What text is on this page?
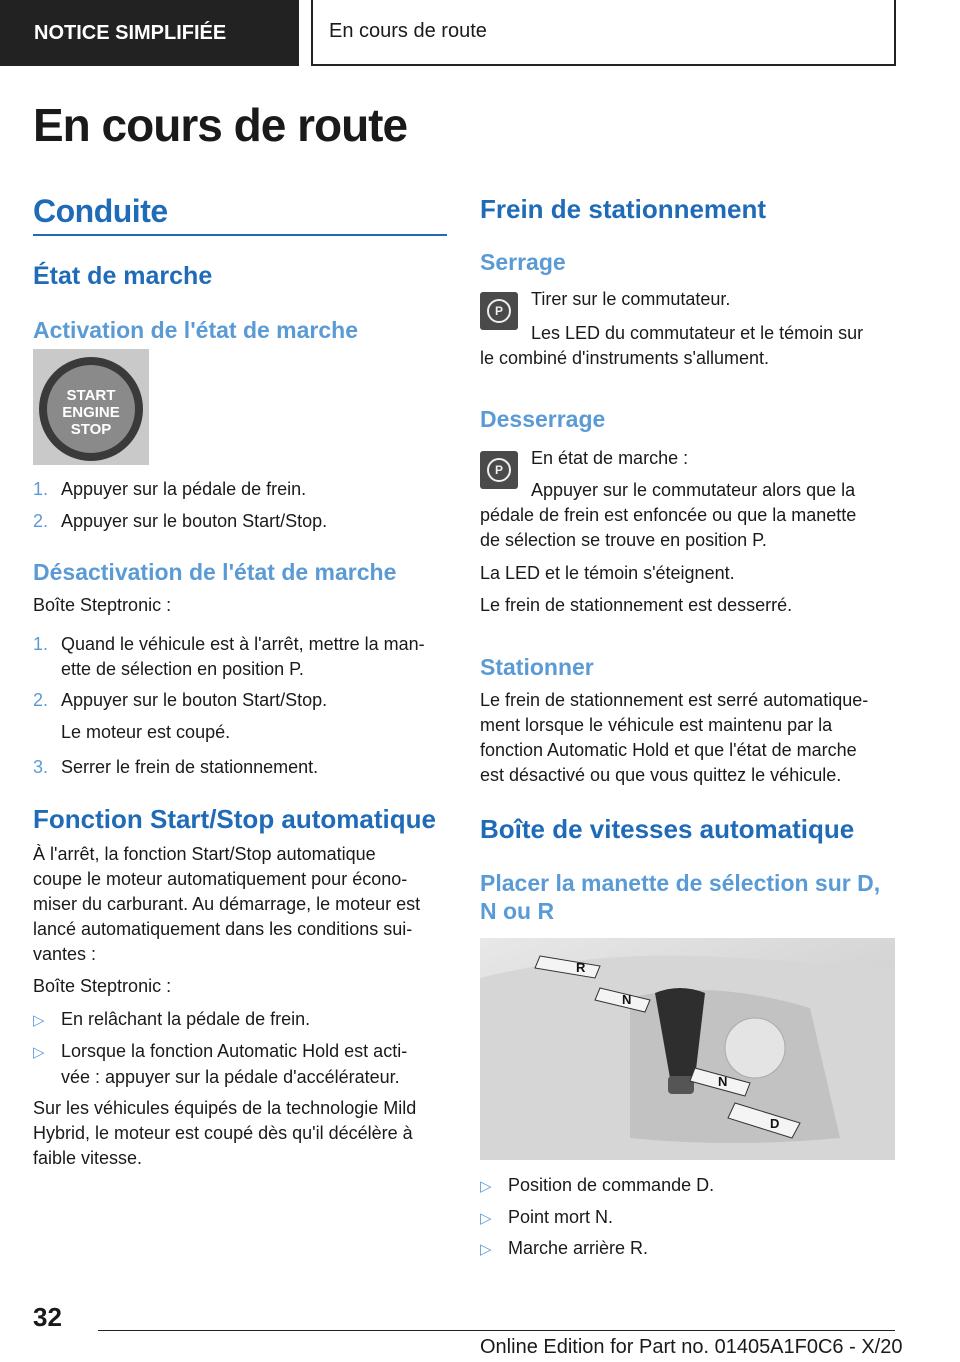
NOTICE SIMPLIFIÉE	En cours de route
En cours de route
Conduite
État de marche
Activation de l'état de marche
START
ENGINE
STOP
1. Appuyer sur la pédale de frein.
2. Appuyer sur le bouton Start/Stop.
Désactivation de l'état de marche
Boîte Steptronic :
1. Quand le véhicule est à l'arrêt, mettre la man-
ette de sélection en position P.
2. Appuyer sur le bouton Start/Stop.
Le moteur est coupé.
3. Serrer le frein de stationnement.
Fonction Start/Stop automatique
À l'arrêt, la fonction Start/Stop automatique
coupe le moteur automatiquement pour écono-
miser du carburant. Au démarrage, le moteur est
lancé automatiquement dans les conditions sui-
vantes :
Boîte Steptronic :
▷ En relâchant la pédale de frein.
▷ Lorsque la fonction Automatic Hold est acti-
vée : appuyer sur la pédale d'accélérateur.
Sur les véhicules équipés de la technologie Mild
Hybrid, le moteur est coupé dès qu'il décélère à
faible vitesse.
Frein de stationnement
Serrage
P
Tirer sur le commutateur.
Les LED du commutateur et le témoin sur
le combiné d'instruments s'allument.
Desserrage
P
En état de marche :
Appuyer sur le commutateur alors que la
pédale de frein est enfoncée ou que la manette
de sélection se trouve en position P.
La LED et le témoin s'éteignent.
Le frein de stationnement est desserré.
Stationner
Le frein de stationnement est serré automatique-
ment lorsque le véhicule est maintenu par la
fonction Automatic Hold et que l'état de marche
est désactivé ou que vous quittez le véhicule.
Boîte de vitesses automatique
Placer la manette de sélection sur D,
N ou R
R
N
N
D
▷ Position de commande D.
▷ Point mort N.
▷ Marche arrière R.
32
Online Edition for Part no. 01405A1F0C6 - X/20
